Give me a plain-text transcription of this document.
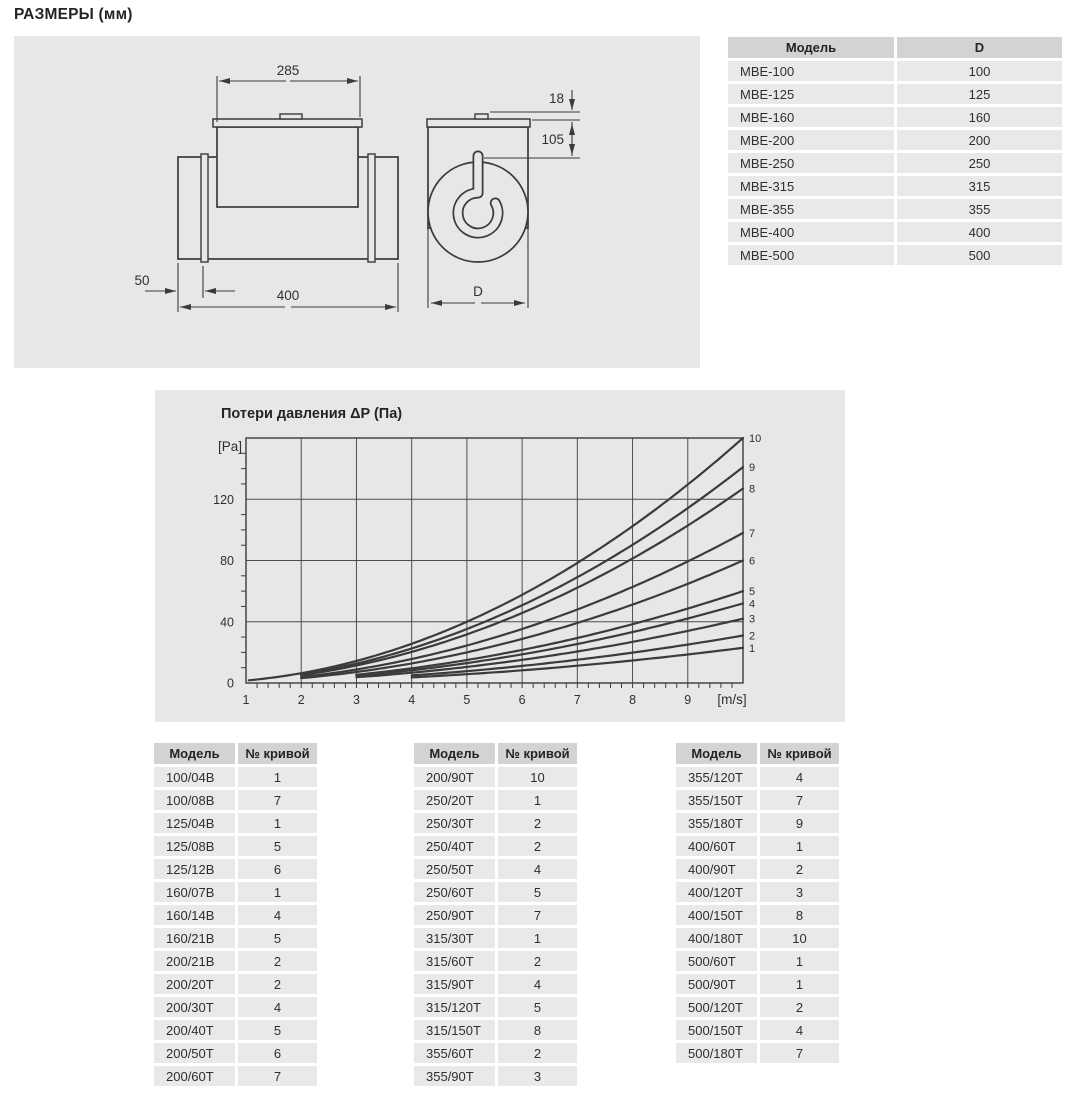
РАЗМЕРЫ (мм)
285
50
400
18
105
D
Модель	D
MBE-100	100
MBE-125	125
MBE-160	160
MBE-200	200
MBE-250	250
MBE-315	315
MBE-355	355
MBE-400	400
MBE-500	500
Потери давления ΔP (Па)
[Pa]
[m/s]
1	2	3	4	5	6	7	8	9
0
40
80
120
1
2
3
4
5
6
7
8
9
10
Модель	№ кривой
100/04B	1
100/08B	7
125/04B	1
125/08B	5
125/12B	6
160/07B	1
160/14B	4
160/21B	5
200/21B	2
200/20T	2
200/30T	4
200/40T	5
200/50T	6
200/60T	7
Модель	№ кривой
200/90T	10
250/20T	1
250/30T	2
250/40T	2
250/50T	4
250/60T	5
250/90T	7
315/30T	1
315/60T	2
315/90T	4
315/120T	5
315/150T	8
355/60T	2
355/90T	3
Модель	№ кривой
355/120T	4
355/150T	7
355/180T	9
400/60T	1
400/90T	2
400/120T	3
400/150T	8
400/180T	10
500/60T	1
500/90T	1
500/120T	2
500/150T	4
500/180T	7
